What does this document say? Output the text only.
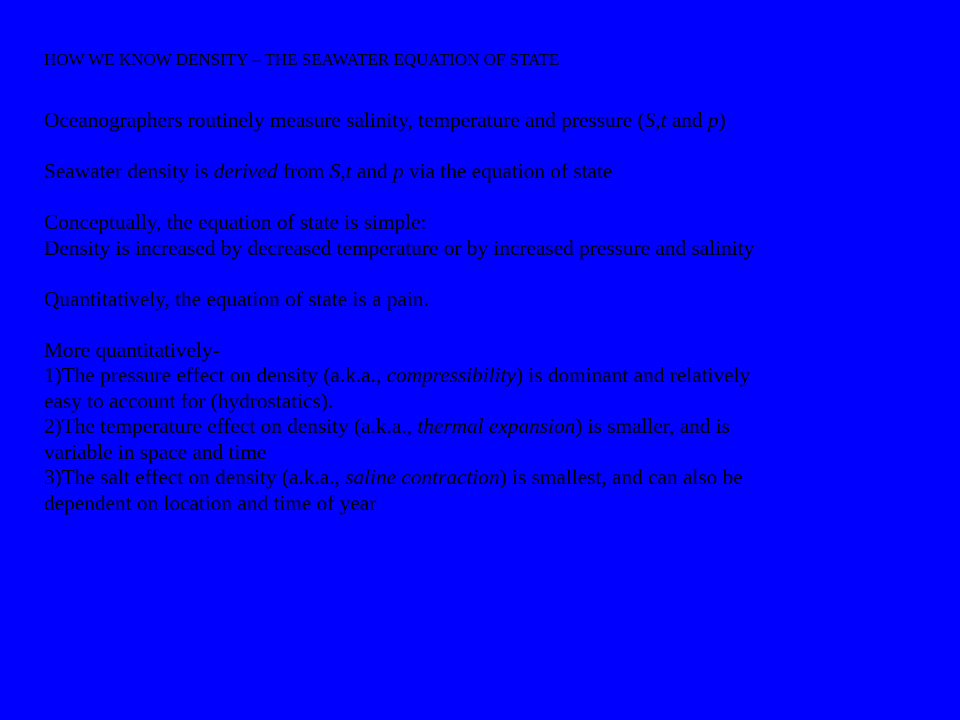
HOW WE KNOW DENSITY – THE SEAWATER EQUATION OF STATE

Oceanographers routinely measure salinity, temperature and pressure (S,t and p)

Seawater density is derived from S,t and p via the equation of state

Conceptually, the equation of state is simple:

Density is increased by decreased temperature or by increased pressure and salinity

Quantitatively, the equation of state is a pain.

More quantitatively-

1)The pressure effect on density (a.k.a., compressibility) is dominant and relatively

easy to account for (hydrostatics).

2)The temperature effect on density (a.k.a., thermal expansion) is smaller, and is

variable in space and time

3)The salt effect on density (a.k.a., saline contraction) is smallest, and can also be

dependent on location and time of year
